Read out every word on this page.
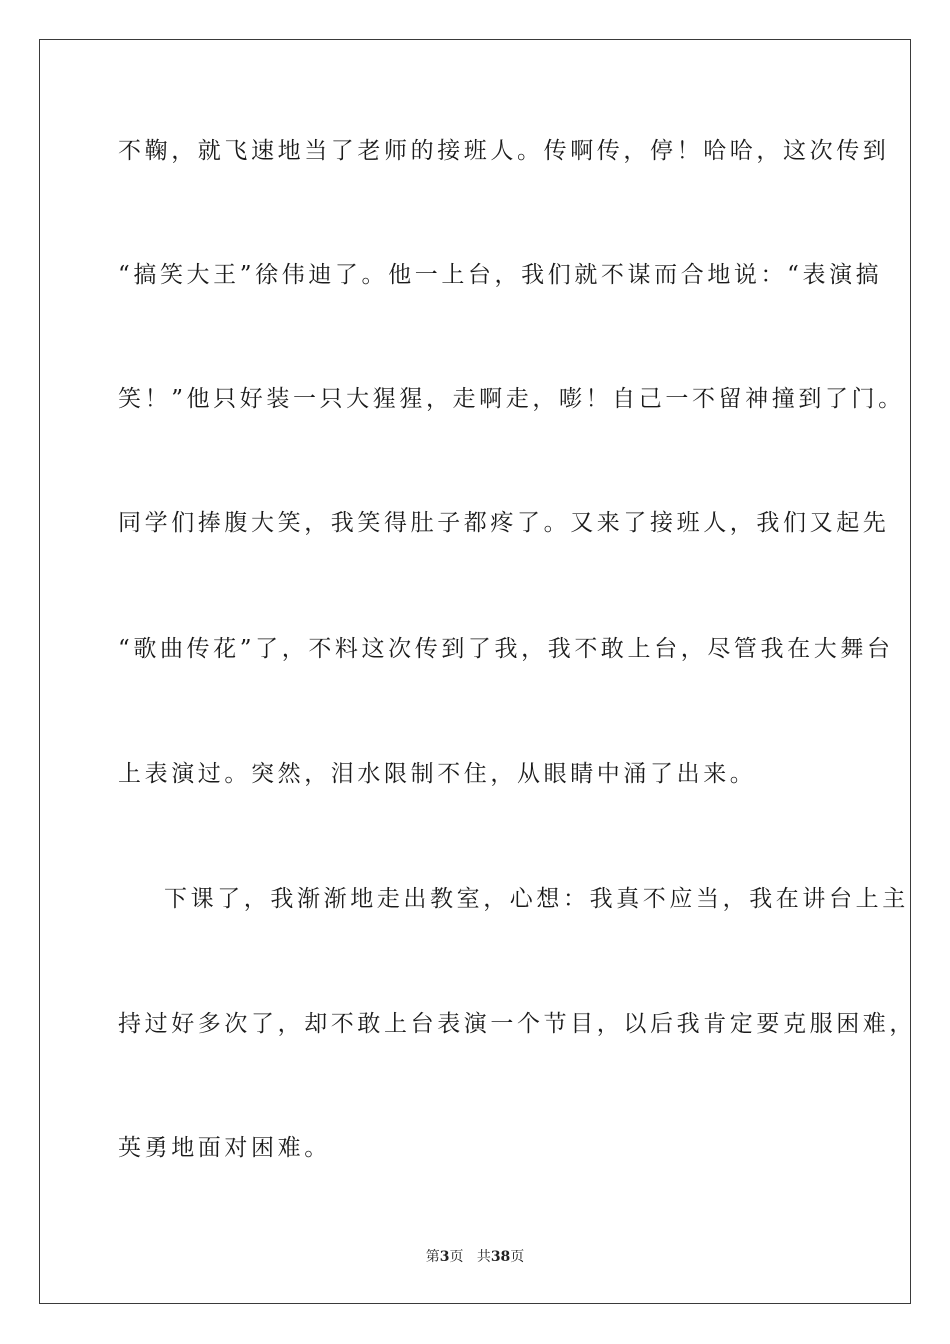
不鞠，就飞速地当了老师的接班人。传啊传，停！哈哈，这次传到
“搞笑大王”徐伟迪了。他一上台，我们就不谋而合地说：“表演搞
笑！”他只好装一只大猩猩，走啊走，嘭！自己一不留神撞到了门。
同学们捧腹大笑，我笑得肚子都疼了。又来了接班人，我们又起先
“歌曲传花”了，不料这次传到了我，我不敢上台，尽管我在大舞台
上表演过。突然，泪水限制不住，从眼睛中涌了出来。
下课了，我渐渐地走出教室，心想：我真不应当，我在讲台上主
持过好多次了，却不敢上台表演一个节目，以后我肯定要克服困难，
英勇地面对困难。
第3页 共38页
